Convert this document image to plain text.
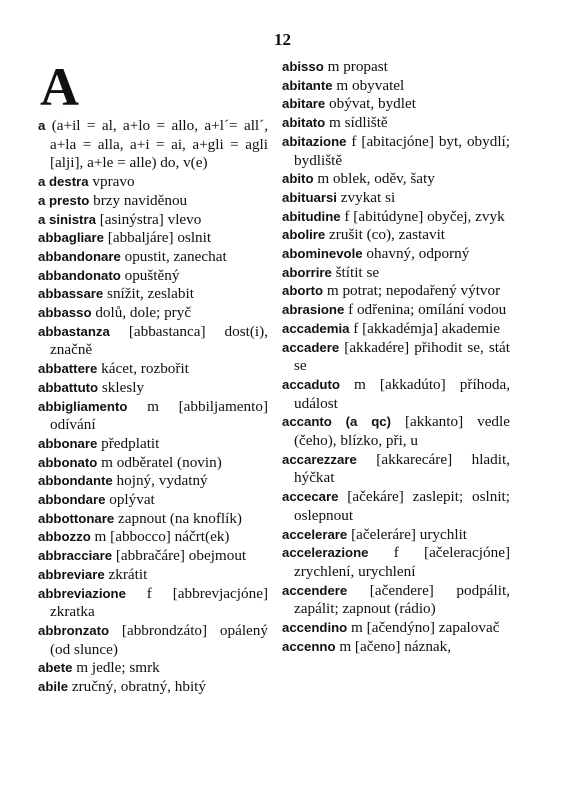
12
A
a (a+il = al, a+lo = allo, a+l´= all´, a+la = alla, a+i = ai, a+gli = agli [alji], a+le = alle) do, v(e)
a destra vpravo
a presto brzy naviděnou
a sinistra [asinýstra] vlevo
abbagliare [abbaljáre] oslnit
abbandonare opustit, zanechat
abbandonato opuštěný
abbassare snížit, zeslabit
abbasso dolů, dole; pryč
abbastanza [abbastanca] dost(i), značně
abbattere kácet, rozbořit
abbattuto sklesly
abbigliamento m [abbiljamento] odívání
abbonare předplatit
abbonato m odběratel (novin)
abbondante hojný, vydatný
abbondare oplývat
abbottonare zapnout (na knoflík)
abbozzo m [abbocco] náčrt(ek)
abbracciare [abbračáre] obejmout
abbreviare zkrátit
abbreviazione f [abbrevjacjóne] zkratka
abbronzato [abbrondzáto] opálený (od slunce)
abete m jedle; smrk
abile zručný, obratný, hbitý
abisso m propast
abitante m obyvatel
abitare obývat, bydlet
abitato m sídliště
abitazione f [abitacjóne] byt, obydlí; bydliště
abito m oblek, oděv, šaty
abituarsi zvykat si
abitudine f [abitúdyne] obyčej, zvyk
abolire zrušit (co), zastavit
abominevole ohavný, odporný
aborrire štítit se
aborto m potrat; nepodařený výtvor
abrasione f odřenina; omílání vodou
accademia f [akkadémja] akademie
accadere [akkadére] přihodit se, stát se
accaduto m [akkadúto] příhoda, událost
accanto (a qc) [akkanto] vedle (čeho), blízko, při, u
accarezzare [akkarecáre] hladit, hýčkat
accecare [ačekáre] zaslepit; oslnit; oslepnout
accelerare [ačeleráre] urychlit
accelerazione f [ačeleracjóne] zrychlení, urychlení
accendere [ačendere] podpálit, zapálit; zapnout (rádio)
accendino m [ačendýno] zapalovač
accenno m [ačeno] náznak,
